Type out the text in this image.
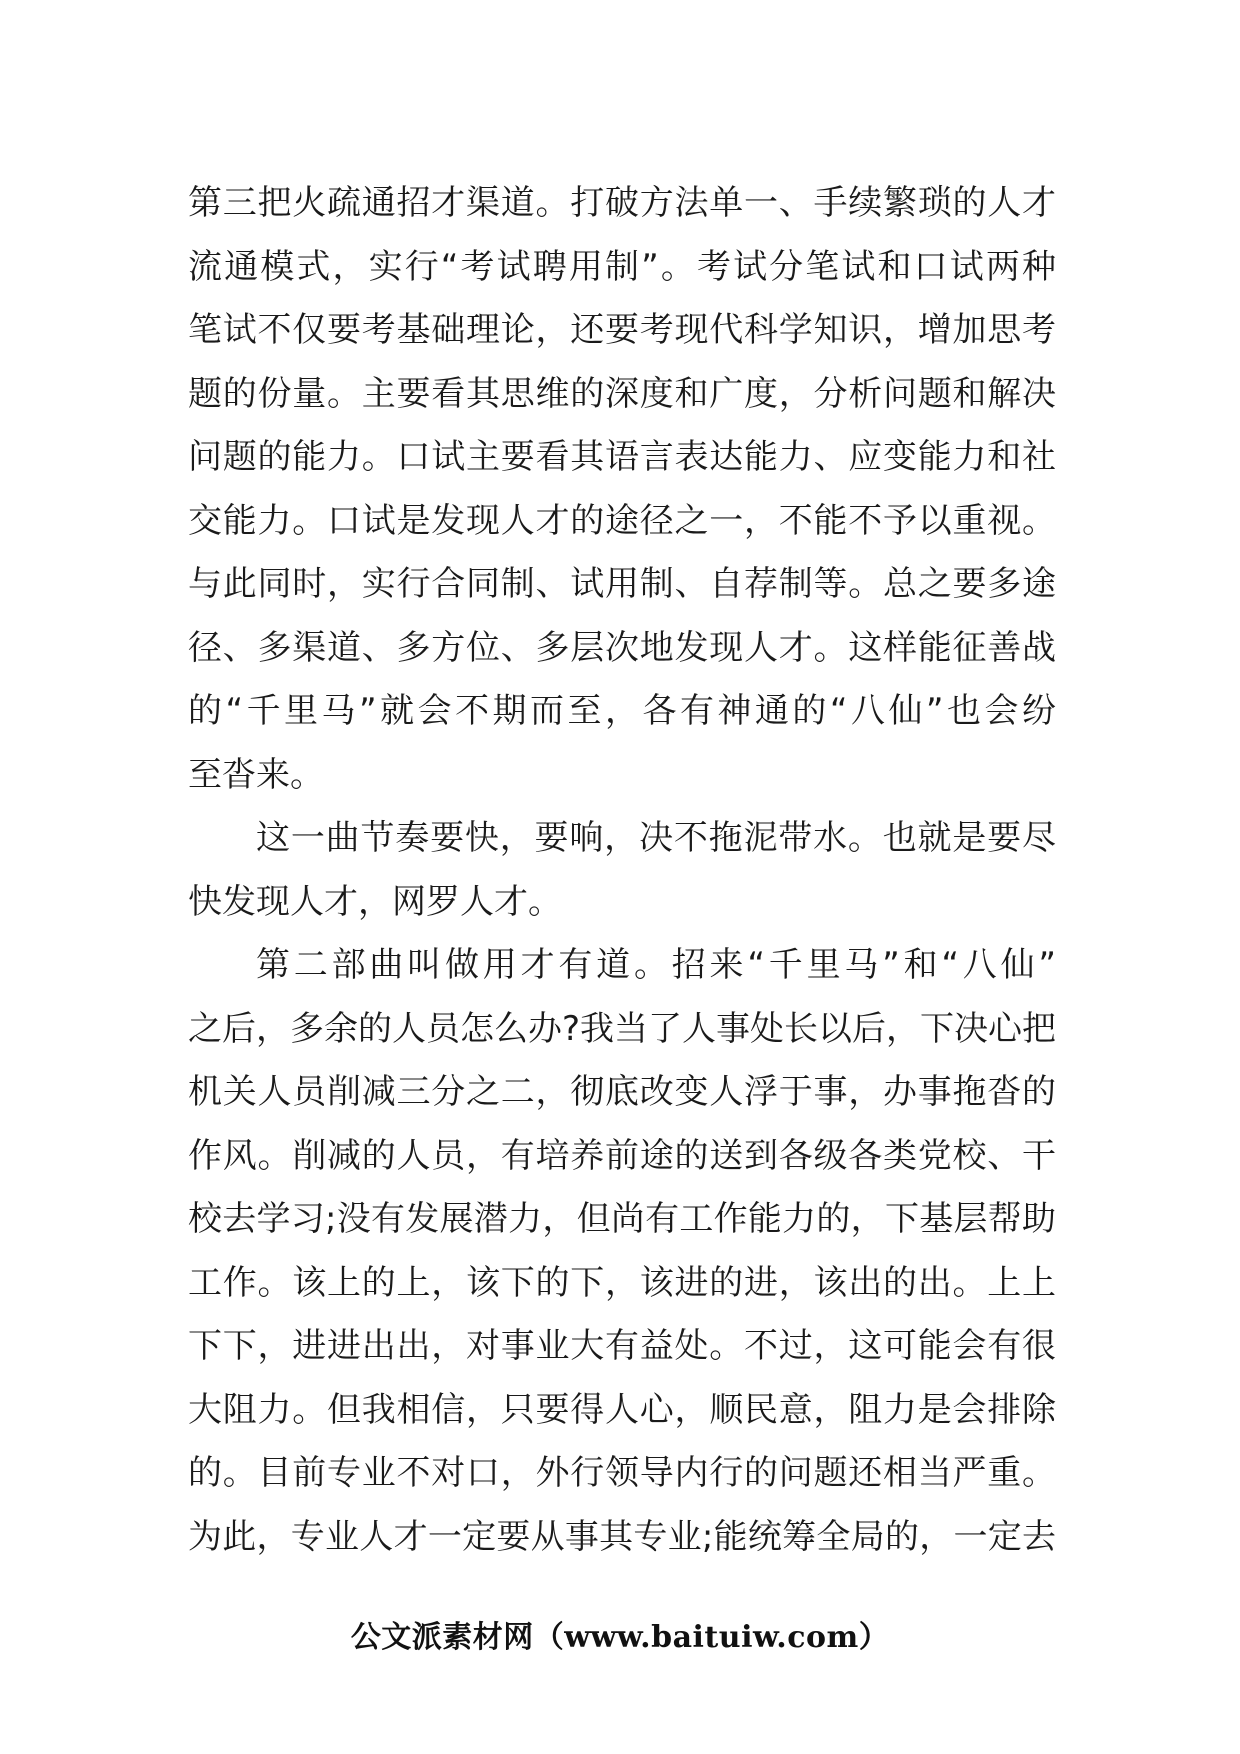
第三把火疏通招才渠道。打破方法单一、手续繁琐的人才
流通模式，实行“考试聘用制”。考试分笔试和口试两种
笔试不仅要考基础理论，还要考现代科学知识，增加思考
题的份量。主要看其思维的深度和广度，分析问题和解决
问题的能力。口试主要看其语言表达能力、应变能力和社
交能力。口试是发现人才的途径之一，不能不予以重视。
与此同时，实行合同制、试用制、自荐制等。总之要多途
径、多渠道、多方位、多层次地发现人才。这样能征善战
的“千里马”就会不期而至，各有神通的“八仙”也会纷
至沓来。
这一曲节奏要快，要响，决不拖泥带水。也就是要尽
快发现人才，网罗人才。
第二部曲叫做用才有道。招来“千里马”和“八仙”
之后，多余的人员怎么办?我当了人事处长以后，下决心把
机关人员削减三分之二，彻底改变人浮于事，办事拖沓的
作风。削减的人员，有培养前途的送到各级各类党校、干
校去学习;没有发展潜力，但尚有工作能力的，下基层帮助
工作。该上的上，该下的下，该进的进，该出的出。上上
下下，进进出出，对事业大有益处。不过，这可能会有很
大阻力。但我相信，只要得人心，顺民意，阻力是会排除
的。目前专业不对口，外行领导内行的问题还相当严重。
为此，专业人才一定要从事其专业;能统筹全局的，一定去
公文派素材网（www.baituiw.com）
